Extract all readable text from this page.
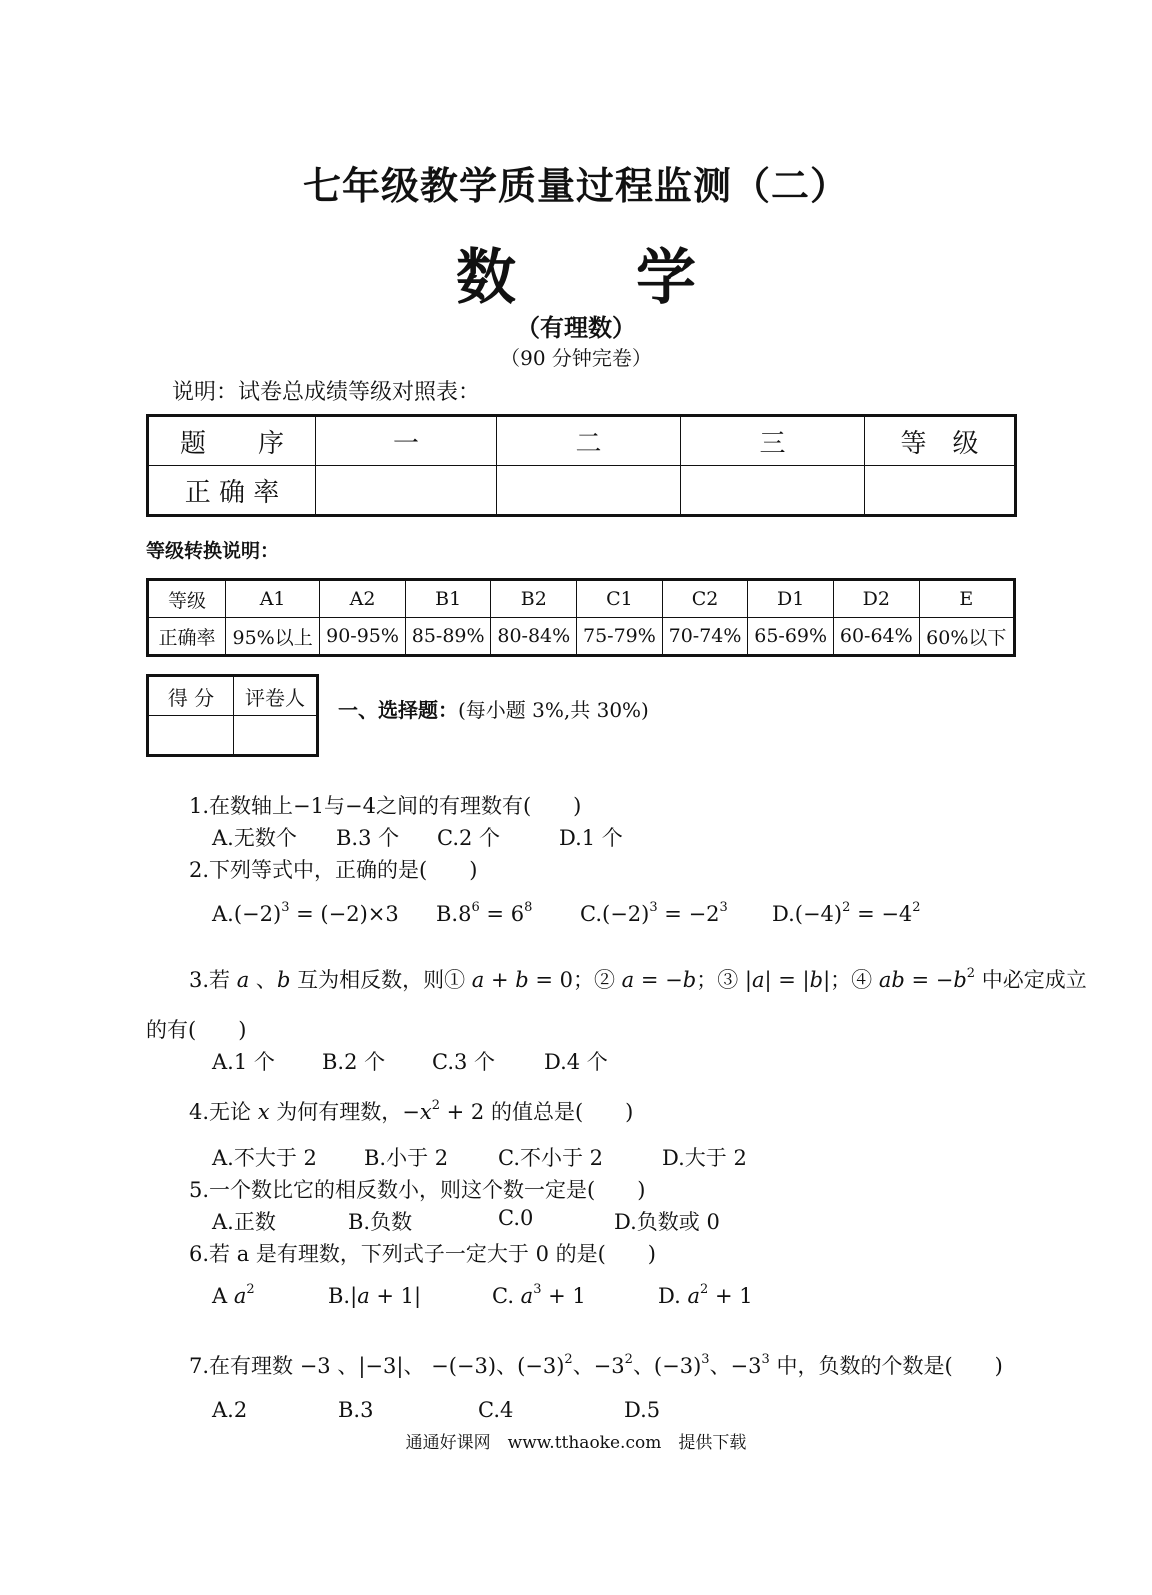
七年级教学质量过程监测（二）
数　　学
（有理数）
（90 分钟完卷）
说明：试卷总成绩等级对照表：
题　　序	一	二	三	等　级
正 确 率				
等级转换说明：
等级	A1	A2	B1	B2	C1	C2	D1	D2	E
正确率	95%以上	90-95%	85-89%	80-84%	75-79%	70-74%	65-69%	60-64%	60%以下
得 分	评卷人

一、选择题：(每小题 3%,共 30%)
1.在数轴上−1与−4之间的有理数有(　　)
A.无数个 B.3 个 C.2 个	D.1 个
2.下列等式中，正确的是(　　)
$A.(-2)^3 = (-2)\times 3$ $B.8^6 = 6^8$ $C.(-2)^3 = -2^3$ $D.(-4)^2 = -4^2$
3.若 a 、b 互为相反数，则① a + b = 0；② a = −b；③ |a| = |b|；④ ab = $-b^2$ 中必定成立
的有(　　)
A.1 个 B.2 个 C.3 个 D.4 个
4.无论 x 为何有理数，$-x^2 + 2$ 的值总是(　　)
A.不大于 2 B.小于 2 C.不小于 2	D.大于 2
5.一个数比它的相反数小，则这个数一定是(　　)
A.正数	B.负数	C.0	D.负数或 0
6.若 a 是有理数，下列式子一定大于 0 的是(　　)
A $a^2$	B.|a + 1|	C. $a^3 + 1$	D. $a^2 + 1$
7.在有理数 −3 、|−3|、 −(−3)、$(-3)^2$、$-3^2$、$(-3)^3$、$-3^3$ 中，负数的个数是(　　)
A.2	B.3	C.4	D.5
通通好课网　www.tthaoke.com　提供下载
